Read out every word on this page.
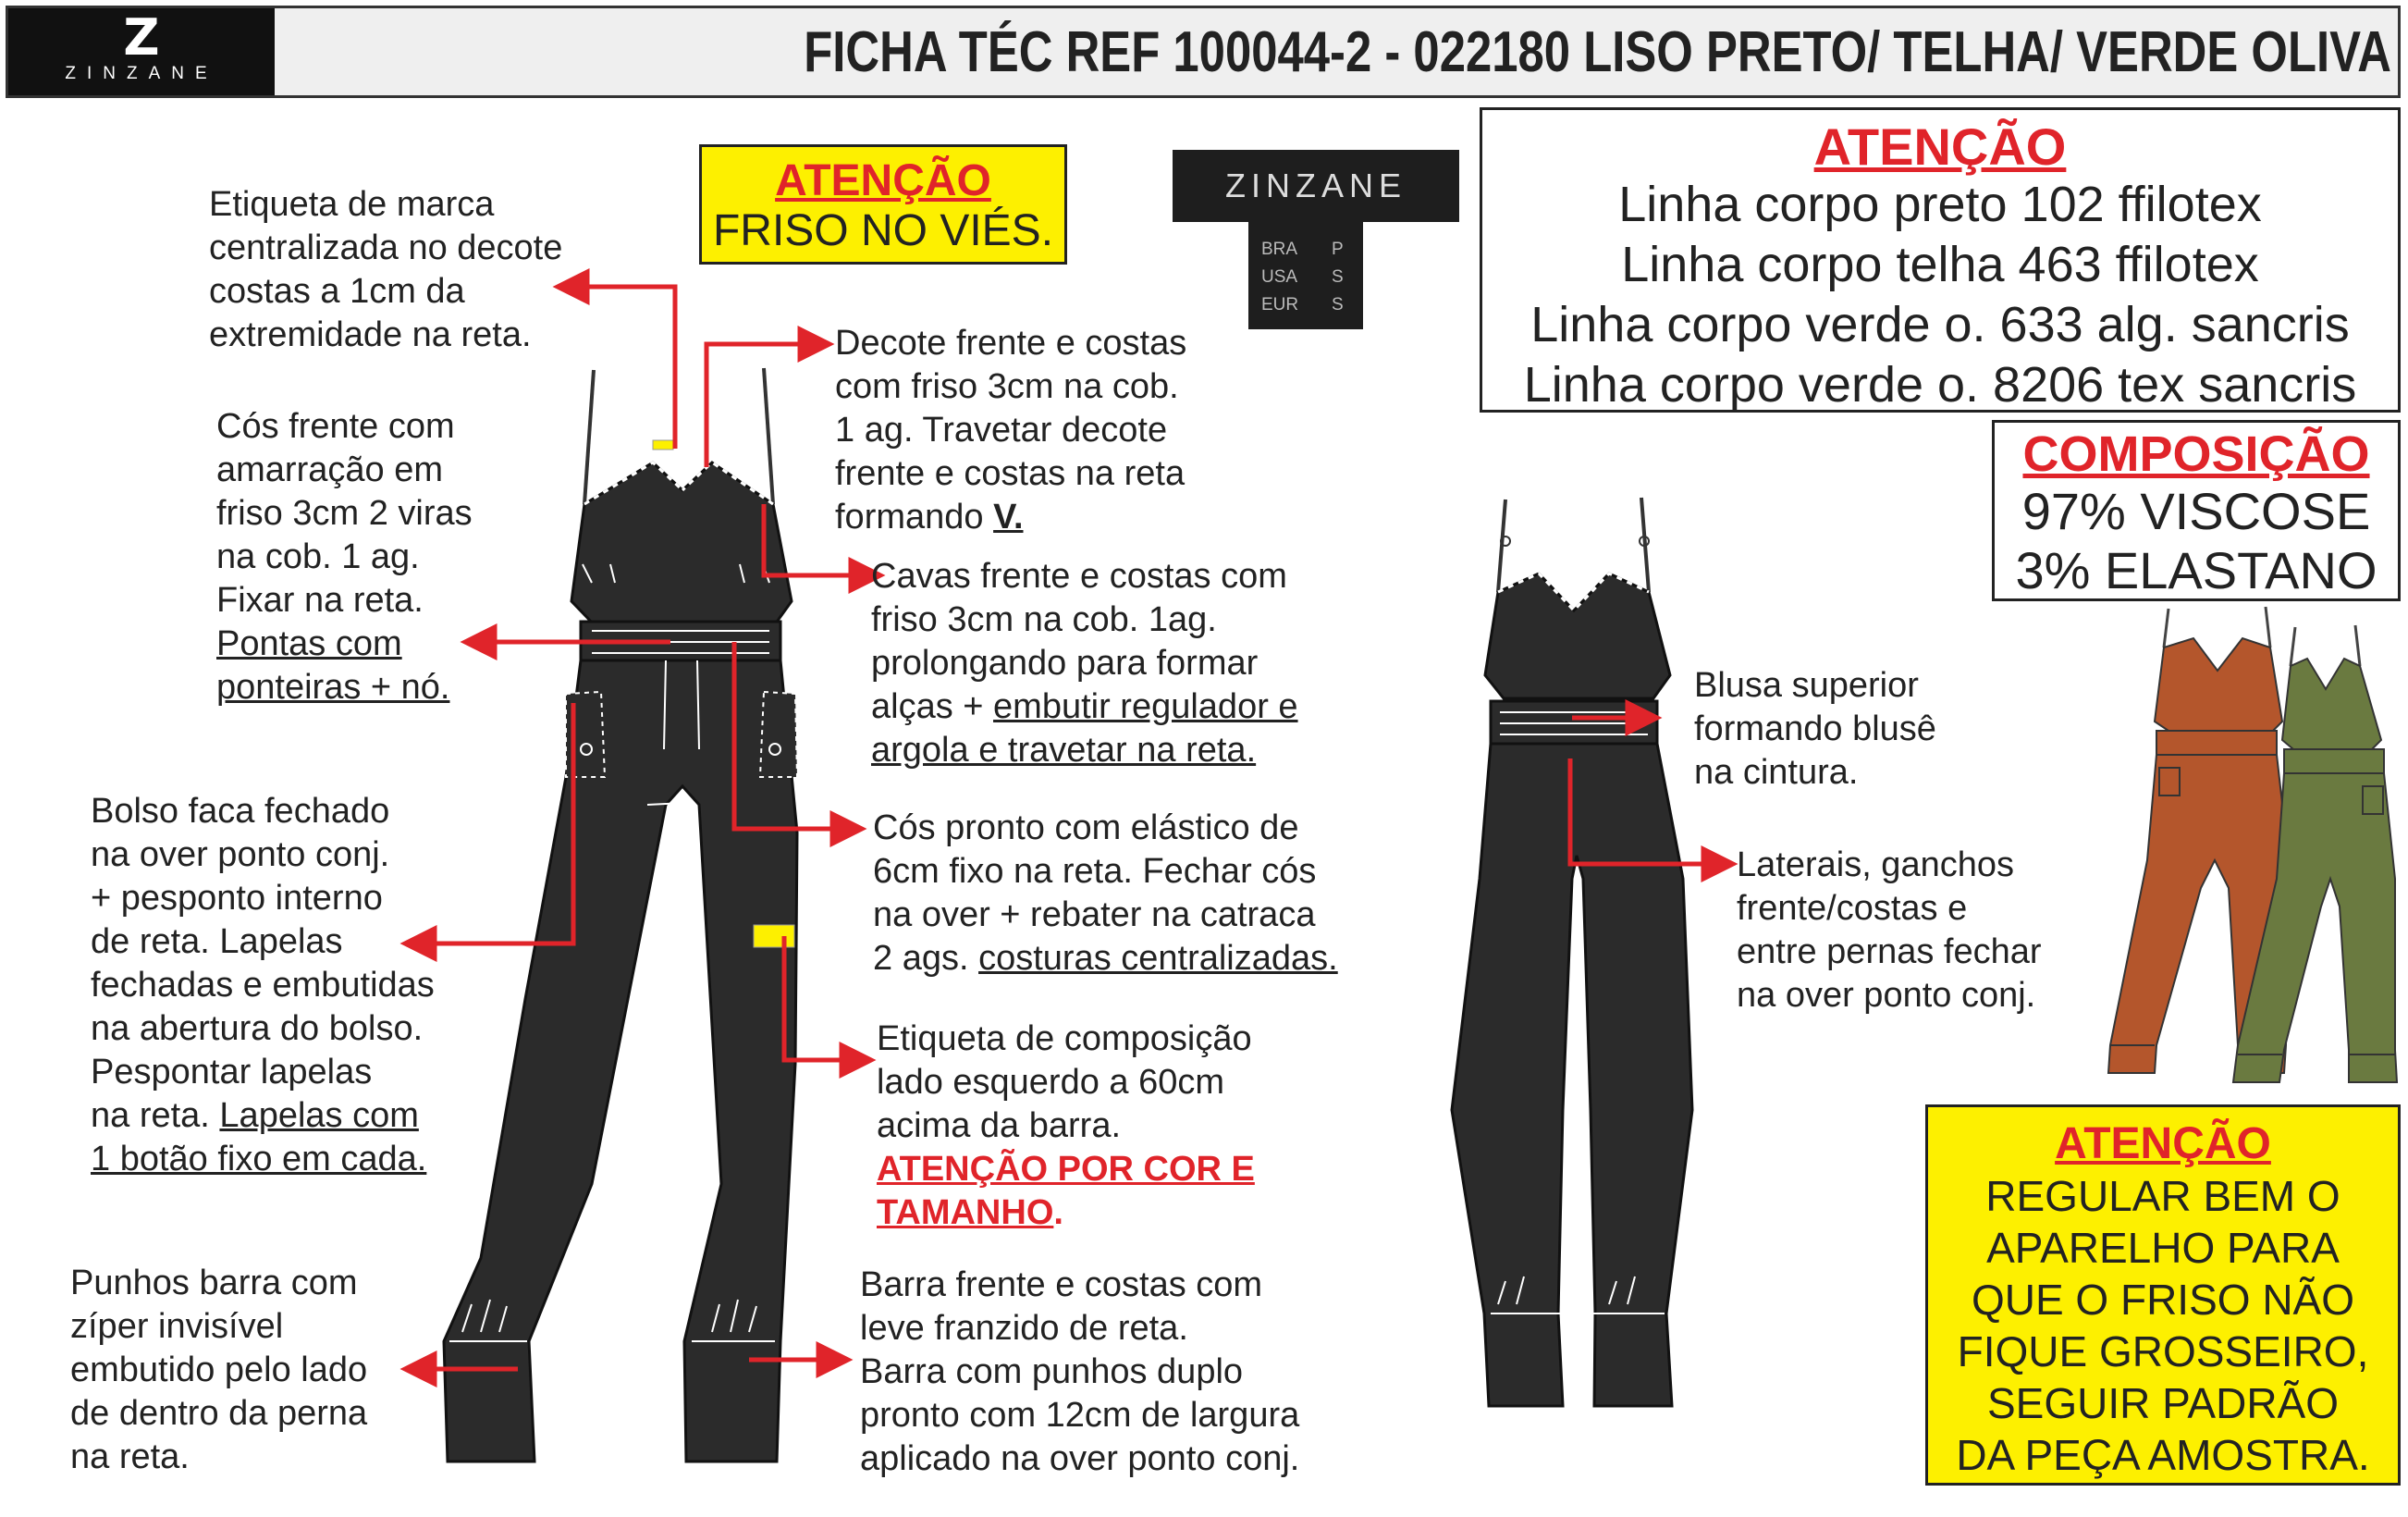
Z
ZINZANE	FICHA TÉC REF 100044-2 - 022180 LISO PRETO/ TELHA/ VERDE OLIVA
ZINZANE
BRA P
USA S
EUR S
ATENÇÃO
FRISO NO VIÉS.
ATENÇÃO
Linha corpo preto 102 ffilotex
Linha corpo telha 463 ffilotex
Linha corpo verde o. 633 alg. sancris
Linha corpo verde o. 8206 tex sancris
COMPOSIÇÃO
97% VISCOSE
3% ELASTANO
ATENÇÃO
REGULAR BEM O
APARELHO PARA
QUE O FRISO NÃO
FIQUE GROSSEIRO,
SEGUIR PADRÃO
DA PEÇA AMOSTRA.
Etiqueta de marca
centralizada no decote
costas a 1cm da
extremidade na reta.
Cós frente com
amarração em
friso 3cm 2 viras
na cob. 1 ag.
Fixar na reta.
Pontas com
ponteiras + nó.
Decote frente e costas
com friso 3cm na cob.
1 ag. Travetar decote
frente e costas na reta
formando V.
Cavas frente e costas com
friso 3cm na cob. 1ag.
prolongando para formar
alças + embutir regulador e
argola e travetar na reta.
Bolso faca fechado
na over ponto conj.
+ pesponto interno
de reta. Lapelas
fechadas e embutidas
na abertura do bolso.
Pespontar lapelas
na reta. Lapelas com
1 botão fixo em cada.
Cós pronto com elástico de
6cm fixo na reta. Fechar cós
na over + rebater na catraca
2 ags. costuras centralizadas.
Etiqueta de composição
lado esquerdo a 60cm
acima da barra.
ATENÇÃO POR COR E
TAMANHO.
Punhos barra com
zíper invisível
embutido pelo lado
de dentro da perna
na reta.
Barra frente e costas com
leve franzido de reta.
Barra com punhos duplo
pronto com 12cm de largura
aplicado na over ponto conj.
Blusa superior
formando blusê
na cintura.
Laterais, ganchos
frente/costas e
entre pernas fechar
na over ponto conj.
